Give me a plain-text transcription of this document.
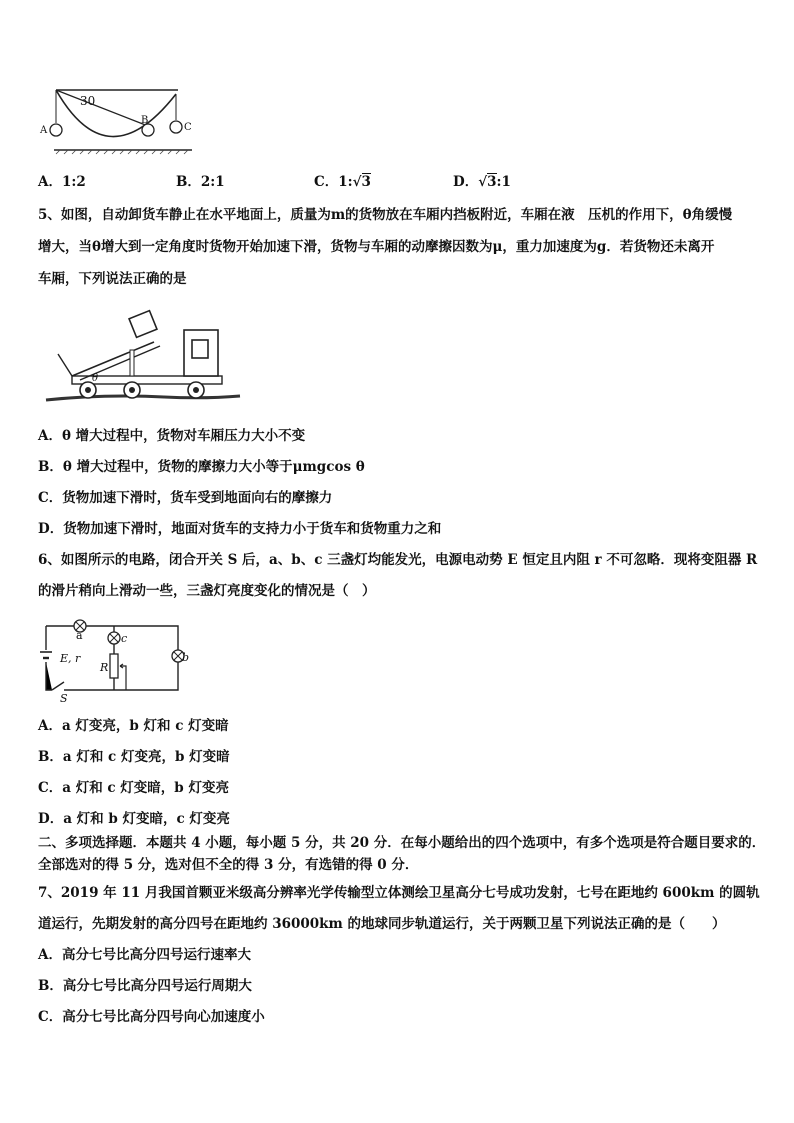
30
A
B
C
A．1:2	B．2:1	C．1:√3	D．√3:1
5、如图，自动卸货车静止在水平地面上，质量为m的货物放在车厢内挡板附近，车厢在液　压机的作用下，θ角缓慢
增大，当θ增大到一定角度时货物开始加速下滑，货物与车厢的动摩擦因数为μ，重力加速度为g．若货物还未离开
车厢，下列说法正确的是
θ
A．θ 增大过程中，货物对车厢压力大小不变
B．θ 增大过程中，货物的摩擦力大小等于μmgcos θ
C．货物加速下滑时，货车受到地面向右的摩擦力
D．货物加速下滑时，地面对货车的支持力小于货车和货物重力之和
6、如图所示的电路，闭合开关 S 后，a、b、c 三盏灯均能发光，电源电动势 E 恒定且内阻 r 不可忽略．现将变阻器 R
的滑片稍向上滑动一些，三盏灯亮度变化的情况是（　）
a	c
E, r
R
b
S
A．a 灯变亮，b 灯和 c 灯变暗
B．a 灯和 c 灯变亮，b 灯变暗
C．a 灯和 c 灯变暗，b 灯变亮
D．a 灯和 b 灯变暗，c 灯变亮
二、多项选择题．本题共 4 小题，每小题 5 分，共 20 分．在每小题给出的四个选项中，有多个选项是符合题目要求的．
全部选对的得 5 分，选对但不全的得 3 分，有选错的得 0 分．
7、2019 年 11 月我国首颗亚米级高分辨率光学传输型立体测绘卫星高分七号成功发射，七号在距地约 600km 的圆轨
道运行，先期发射的高分四号在距地约 36000km 的地球同步轨道运行，关于两颗卫星下列说法正确的是（　　）
A．高分七号比高分四号运行速率大
B．高分七号比高分四号运行周期大
C．高分七号比高分四号向心加速度小
